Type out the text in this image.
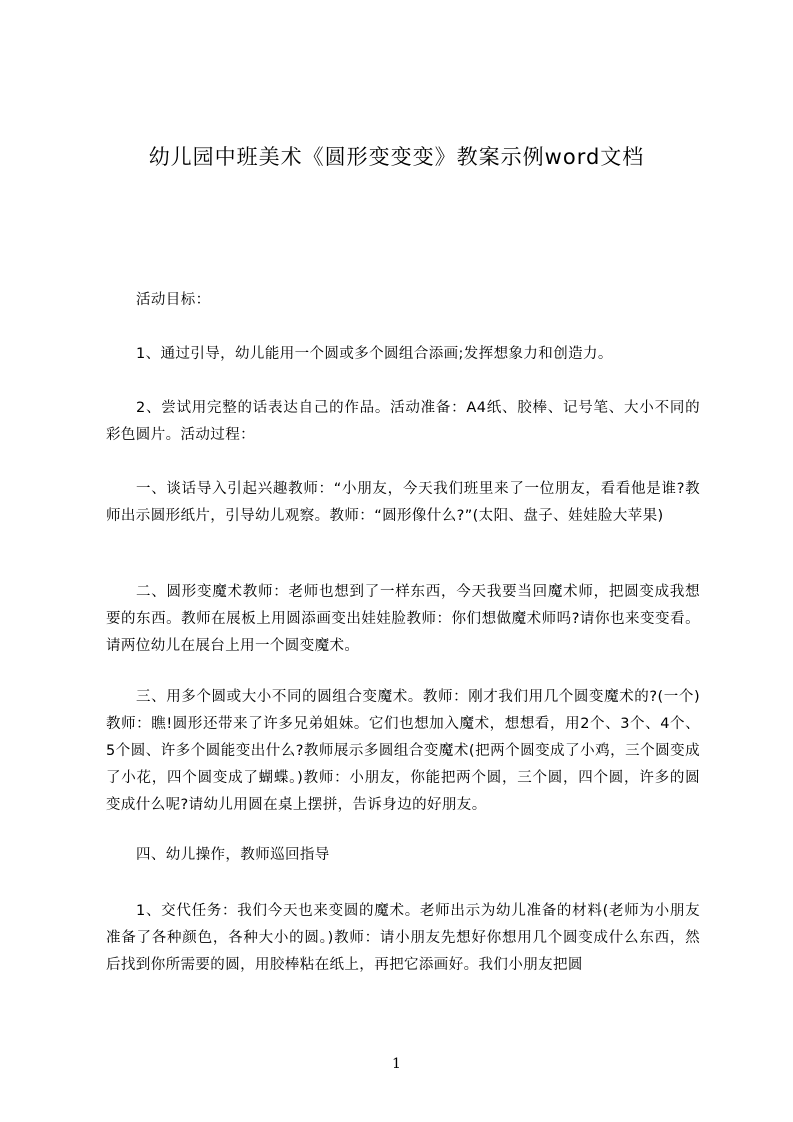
幼儿园中班美术《圆形变变变》教案示例word文档

活动目标：

1、通过引导，幼儿能用一个圆或多个圆组合添画;发挥想象力和创造力。

2、尝试用完整的话表达自己的作品。活动准备：A4纸、胶棒、记号笔、大小不同的彩色圆片。活动过程：

一、谈话导入引起兴趣教师：“小朋友，今天我们班里来了一位朋友，看看他是谁?教师出示圆形纸片，引导幼儿观察。教师：“圆形像什么?”(太阳、盘子、娃娃脸大苹果)

二、圆形变魔术教师：老师也想到了一样东西，今天我要当回魔术师，把圆变成我想要的东西。教师在展板上用圆添画变出娃娃脸教师：你们想做魔术师吗?请你也来变变看。请两位幼儿在展台上用一个圆变魔术。

三、用多个圆或大小不同的圆组合变魔术。教师：刚才我们用几个圆变魔术的?(一个)教师：瞧!圆形还带来了许多兄弟姐妹。它们也想加入魔术，想想看，用2个、3个、4个、5个圆、许多个圆能变出什么?教师展示多圆组合变魔术(把两个圆变成了小鸡，三个圆变成了小花，四个圆变成了蝴蝶。)教师：小朋友，你能把两个圆，三个圆，四个圆，许多的圆变成什么呢?请幼儿用圆在桌上摆拼，告诉身边的好朋友。

四、幼儿操作，教师巡回指导

1、交代任务：我们今天也来变圆的魔术。老师出示为幼儿准备的材料(老师为小朋友准备了各种颜色，各种大小的圆。)教师：请小朋友先想好你想用几个圆变成什么东西，然后找到你所需要的圆，用胶棒粘在纸上，再把它添画好。我们小朋友把圆

1
